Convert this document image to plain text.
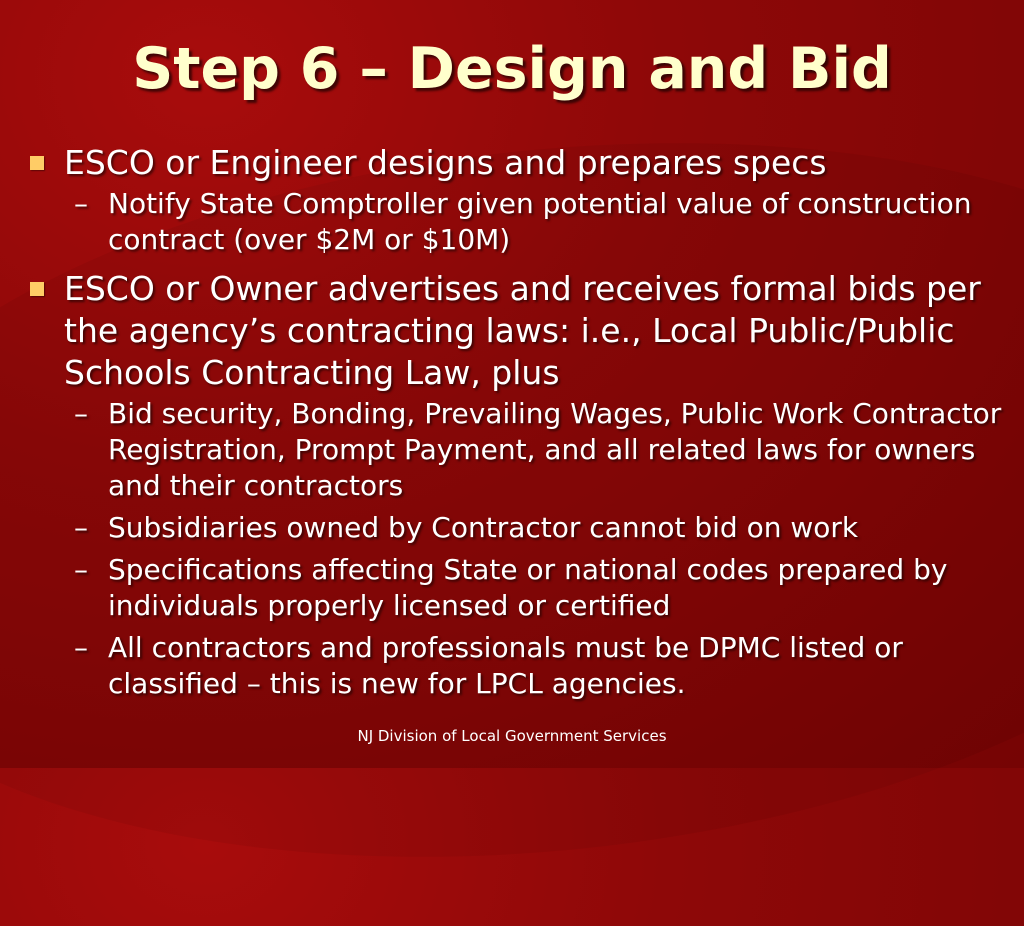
Step 6 – Design and Bid
ESCO or Engineer designs and prepares specs
– Notify State Comptroller given potential value of construction contract (over $2M or $10M)
ESCO or Owner advertises and receives formal bids per the agency’s contracting laws: i.e., Local Public/Public Schools Contracting Law, plus
– Bid security, Bonding, Prevailing Wages, Public Work Contractor Registration, Prompt Payment, and all related laws for owners and their contractors
– Subsidiaries owned by Contractor cannot bid on work
– Specifications affecting State or national codes prepared by individuals properly licensed or certified
– All contractors and professionals must be DPMC listed or classified – this is new for LPCL agencies.
NJ Division of Local Government Services
